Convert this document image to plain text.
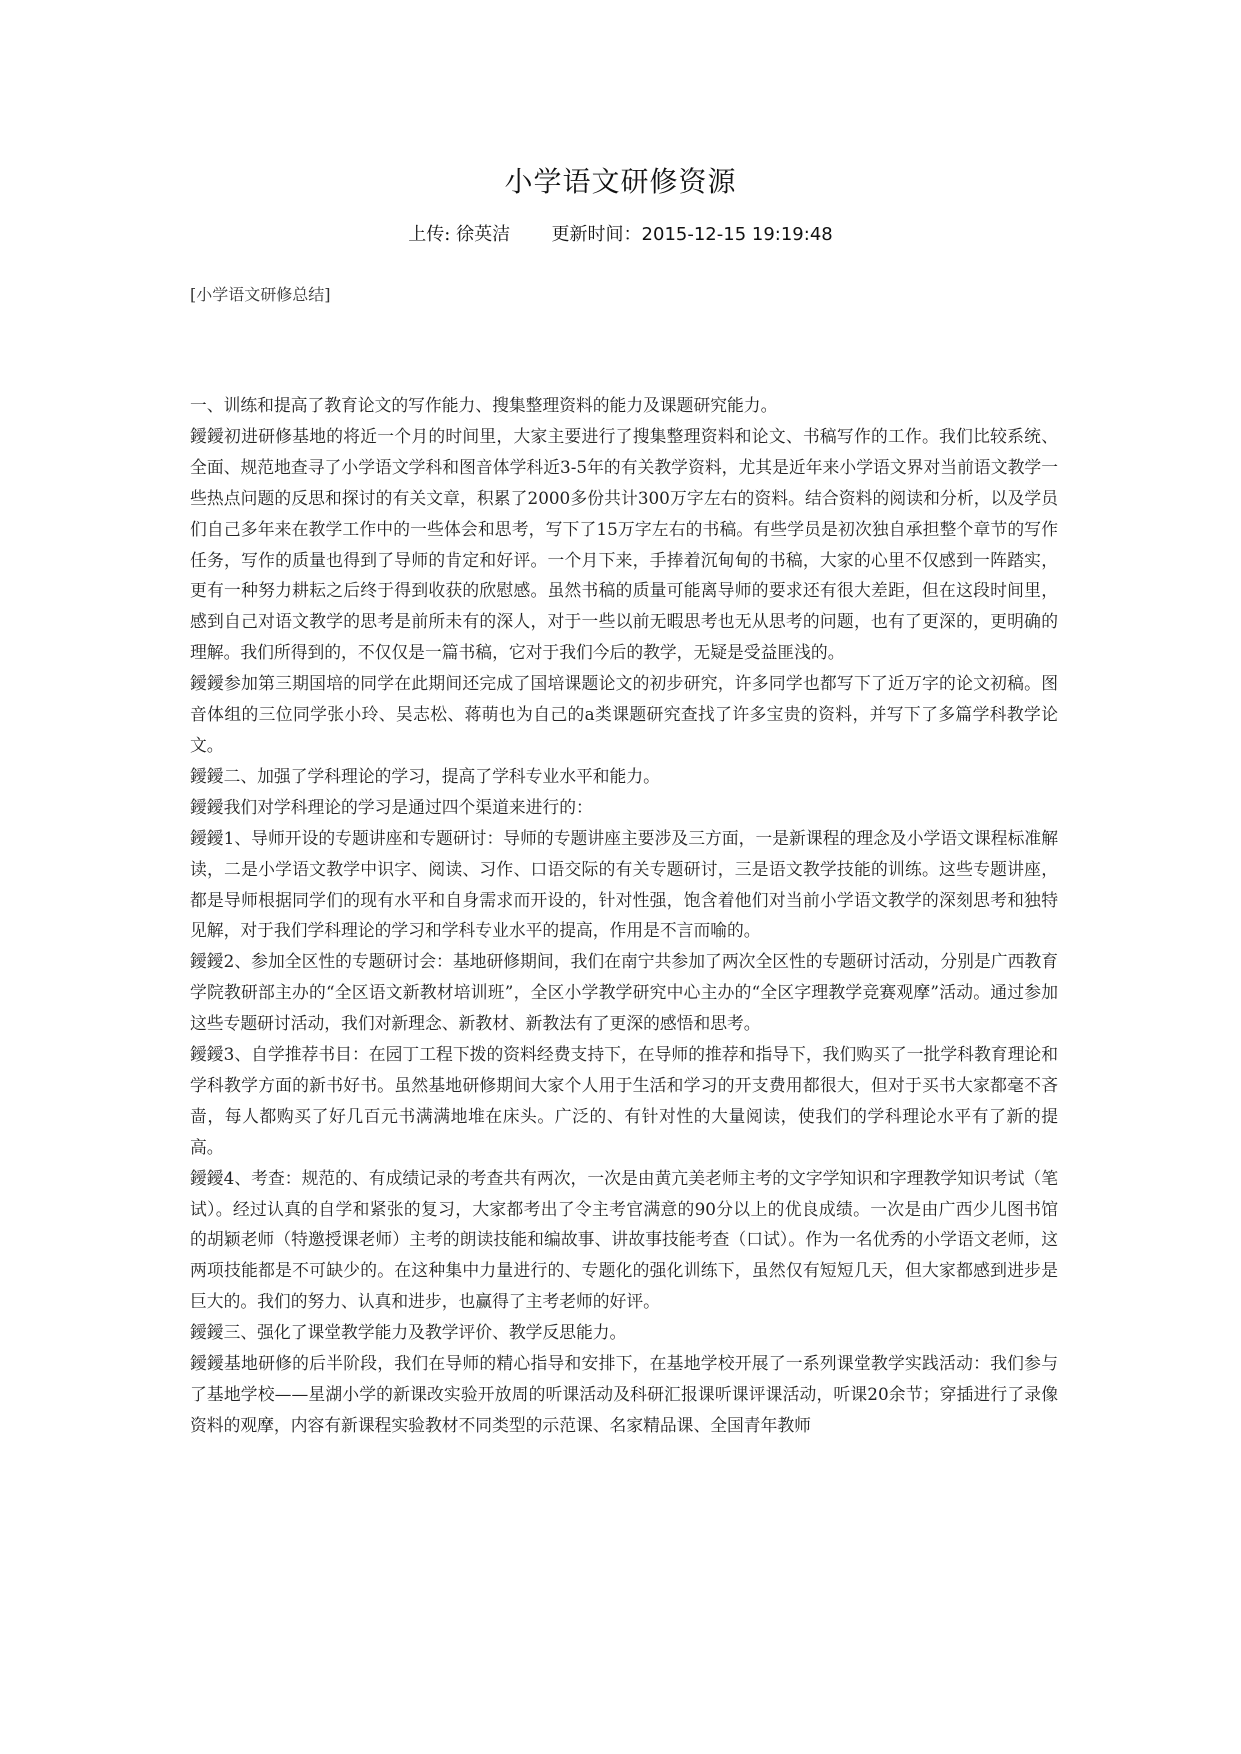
小学语文研修资源
上传: 徐英洁 更新时间：2015-12-15 19:19:48
[小学语文研修总结]

一、训练和提高了教育论文的写作能力、搜集整理资料的能力及课题研究能力。

鑀鑀初进研修基地的将近一个月的时间里，大家主要进行了搜集整理资料和论文、书稿写作的工作。我们比较系统、全面、规范地查寻了小学语文学科和图音体学科近3-5年的有关教学资料，尤其是近年来小学语文界对当前语文教学一些热点问题的反思和探讨的有关文章，积累了2000多份共计300万字左右的资料。结合资料的阅读和分析，以及学员们自己多年来在教学工作中的一些体会和思考，写下了15万字左右的书稿。有些学员是初次独自承担整个章节的写作任务，写作的质量也得到了导师的肯定和好评。一个月下来，手捧着沉甸甸的书稿，大家的心里不仅感到一阵踏实，更有一种努力耕耘之后终于得到收获的欣慰感。虽然书稿的质量可能离导师的要求还有很大差距，但在这段时间里，感到自己对语文教学的思考是前所未有的深人，对于一些以前无暇思考也无从思考的问题，也有了更深的，更明确的理解。我们所得到的，不仅仅是一篇书稿，它对于我们今后的教学，无疑是受益匪浅的。

鑀鑀参加第三期国培的同学在此期间还完成了国培课题论文的初步研究，许多同学也都写下了近万字的论文初稿。图音体组的三位同学张小玲、吴志松、蒋萌也为自己的a类课题研究查找了许多宝贵的资料，并写下了多篇学科教学论文。

鑀鑀二、加强了学科理论的学习，提高了学科专业水平和能力。

鑀鑀我们对学科理论的学习是通过四个渠道来进行的：

鑀鑀1、导师开设的专题讲座和专题研讨：导师的专题讲座主要涉及三方面，一是新课程的理念及小学语文课程标准解读，二是小学语文教学中识字、阅读、习作、口语交际的有关专题研讨，三是语文教学技能的训练。这些专题讲座，都是导师根据同学们的现有水平和自身需求而开设的，针对性强，饱含着他们对当前小学语文教学的深刻思考和独特见解，对于我们学科理论的学习和学科专业水平的提高，作用是不言而喻的。

鑀鑀2、参加全区性的专题研讨会：基地研修期间，我们在南宁共参加了两次全区性的专题研讨活动，分别是广西教育学院教研部主办的“全区语文新教材培训班”，全区小学教学研究中心主办的“全区字理教学竞赛观摩”活动。通过参加这些专题研讨活动，我们对新理念、新教材、新教法有了更深的感悟和思考。

鑀鑀3、自学推荐书目：在园丁工程下拨的资料经费支持下，在导师的推荐和指导下，我们购买了一批学科教育理论和学科教学方面的新书好书。虽然基地研修期间大家个人用于生活和学习的开支费用都很大，但对于买书大家都毫不吝啬，每人都购买了好几百元书满满地堆在床头。广泛的、有针对性的大量阅读，使我们的学科理论水平有了新的提高。

鑀鑀4、考查：规范的、有成绩记录的考查共有两次，一次是由黄亢美老师主考的文字学知识和字理教学知识考试（笔试）。经过认真的自学和紧张的复习，大家都考出了令主考官满意的90分以上的优良成绩。一次是由广西少儿图书馆的胡颖老师（特邀授课老师）主考的朗读技能和编故事、讲故事技能考查（口试）。作为一名优秀的小学语文老师，这两项技能都是不可缺少的。在这种集中力量进行的、专题化的强化训练下，虽然仅有短短几天，但大家都感到进步是巨大的。我们的努力、认真和进步，也赢得了主考老师的好评。

鑀鑀三、强化了课堂教学能力及教学评价、教学反思能力。

鑀鑀基地研修的后半阶段，我们在导师的精心指导和安排下，在基地学校开展了一系列课堂教学实践活动：我们参与了基地学校——星湖小学的新课改实验开放周的听课活动及科研汇报课听课评课活动，听课20余节；穿插进行了录像资料的观摩，内容有新课程实验教材不同类型的示范课、名家精品课、全国青年教师
